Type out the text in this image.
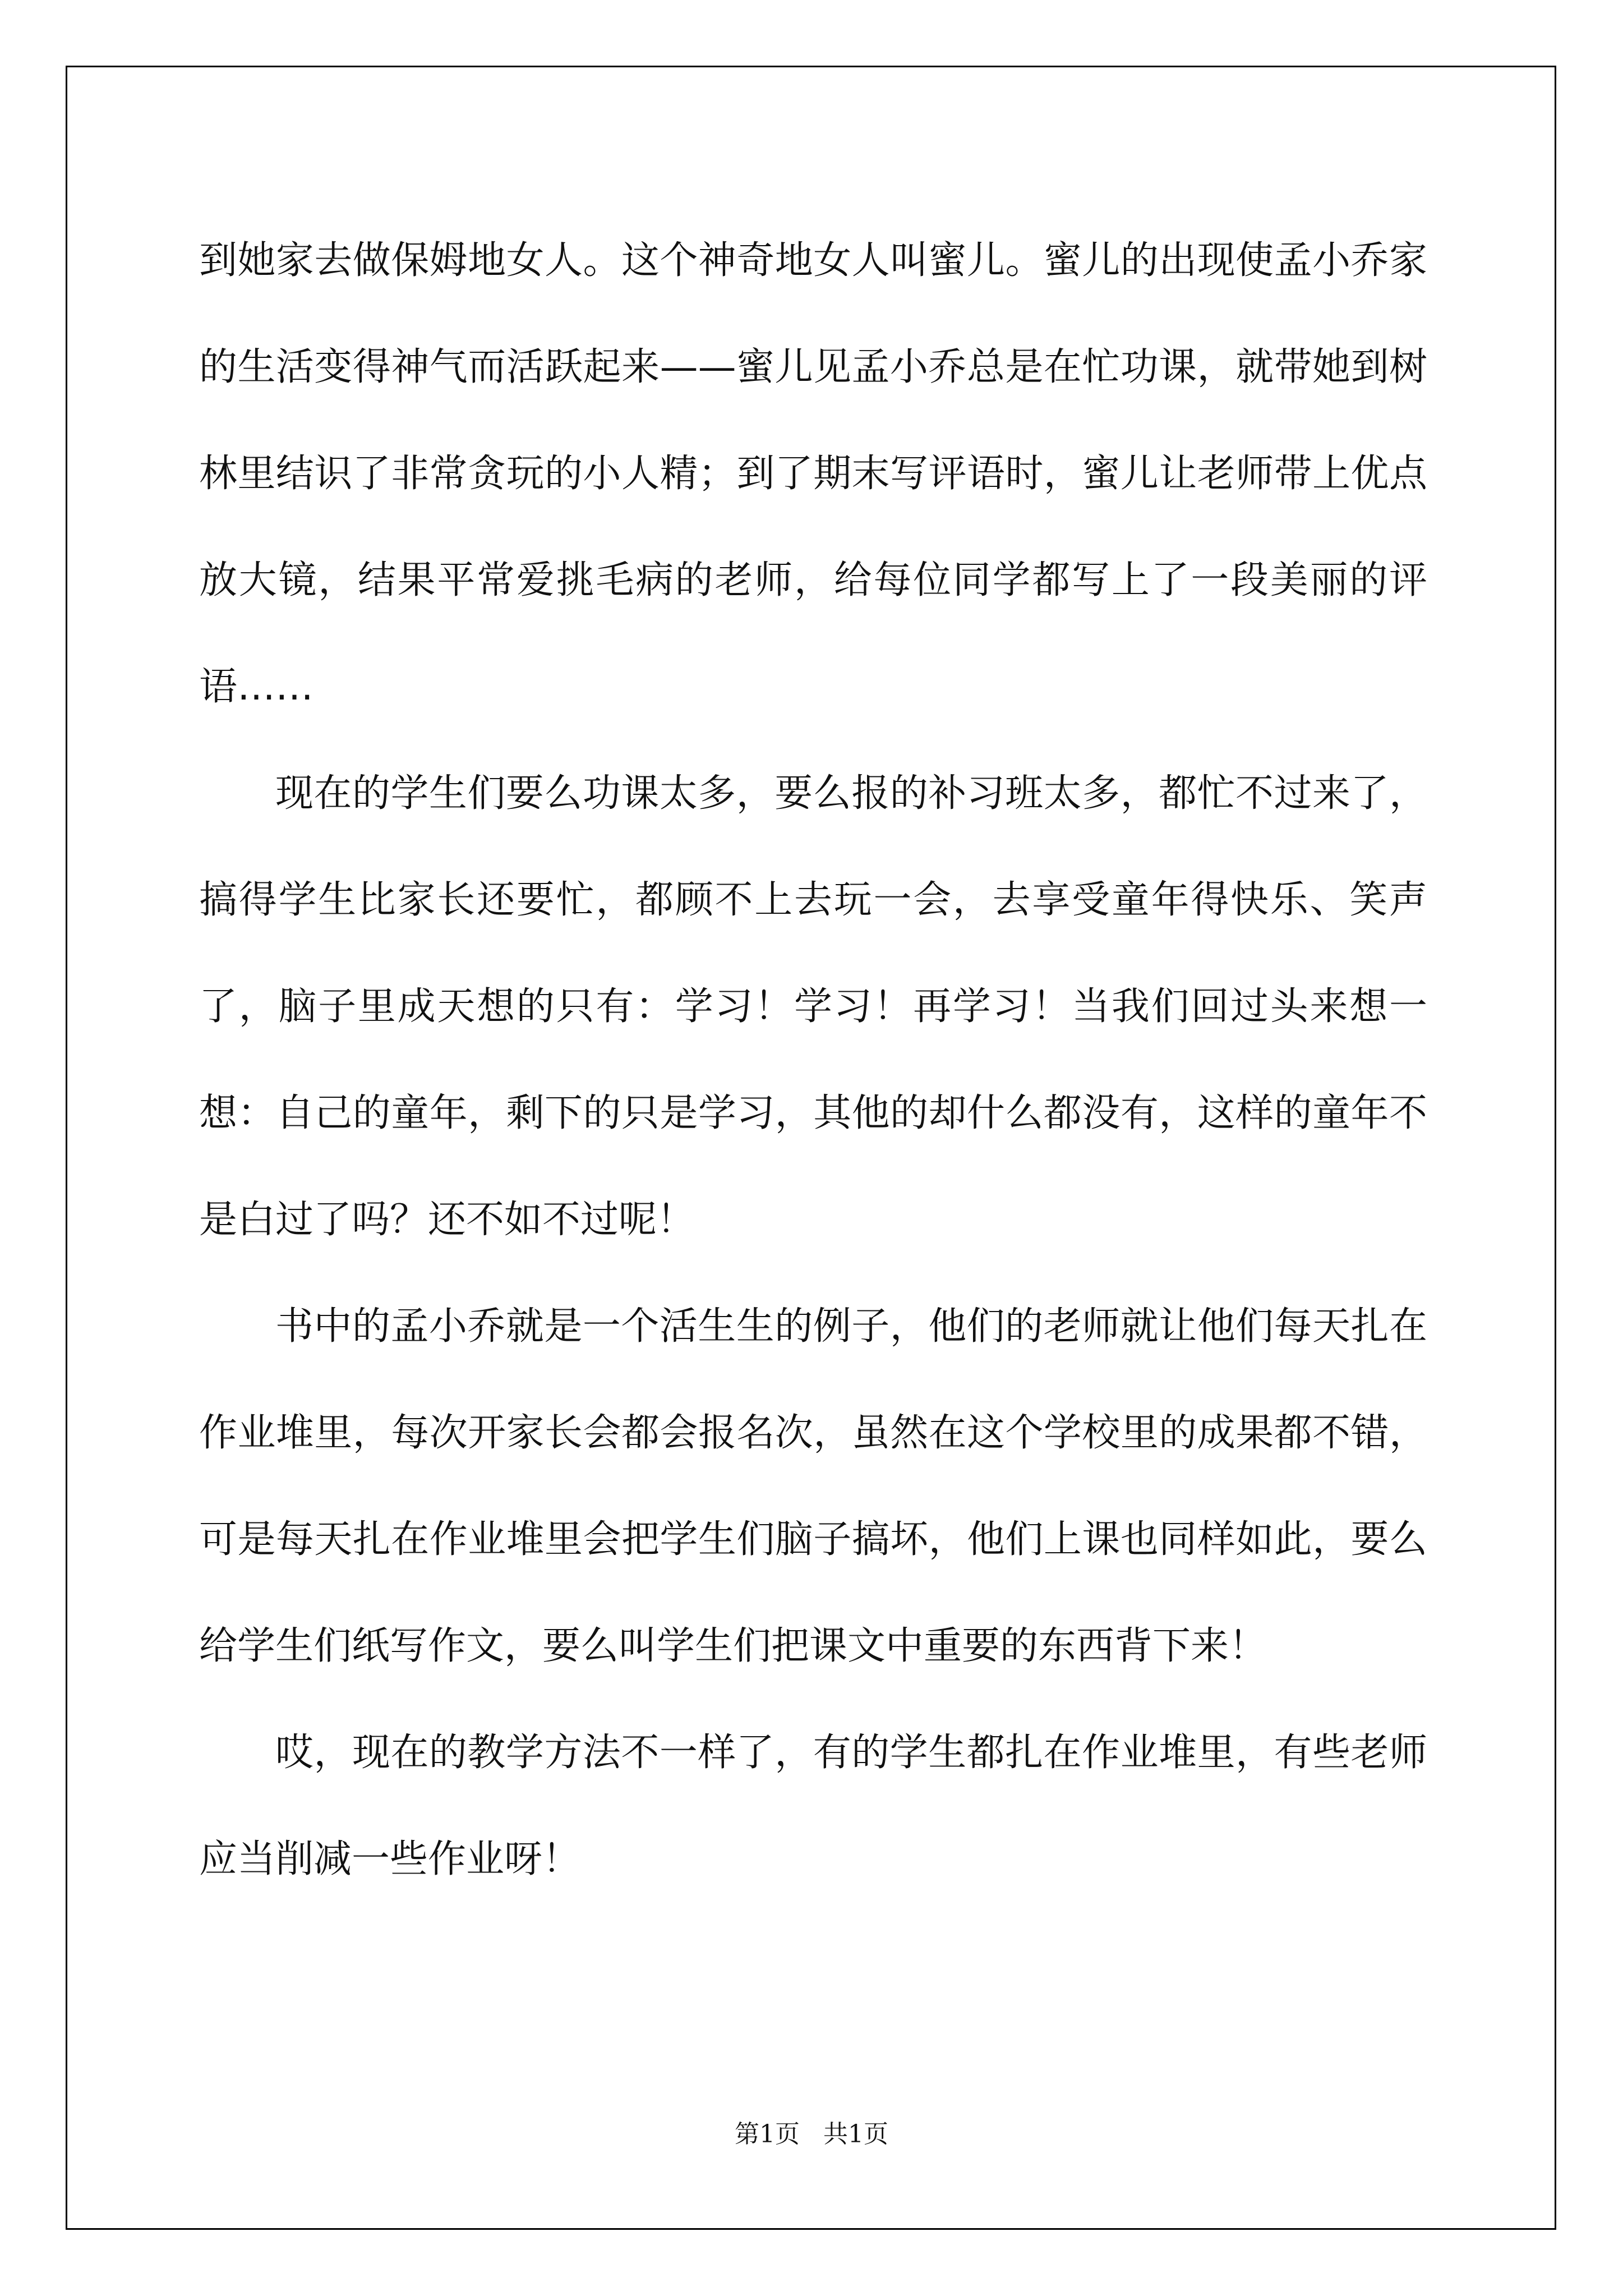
到她家去做保姆地女人。这个神奇地女人叫蜜儿。蜜儿的出现使孟小乔家的生活变得神气而活跃起来——蜜儿见孟小乔总是在忙功课，就带她到树林里结识了非常贪玩的小人精；到了期末写评语时，蜜儿让老师带上优点放大镜，结果平常爱挑毛病的老师，给每位同学都写上了一段美丽的评语……

现在的学生们要么功课太多，要么报的补习班太多，都忙不过来了，搞得学生比家长还要忙，都顾不上去玩一会，去享受童年得快乐、笑声了，脑子里成天想的只有：学习！学习！再学习！当我们回过头来想一想：自己的童年，剩下的只是学习，其他的却什么都没有，这样的童年不是白过了吗？还不如不过呢！

书中的孟小乔就是一个活生生的例子，他们的老师就让他们每天扎在作业堆里，每次开家长会都会报名次，虽然在这个学校里的成果都不错，可是每天扎在作业堆里会把学生们脑子搞坏，他们上课也同样如此，要么给学生们纸写作文，要么叫学生们把课文中重要的东西背下来！

哎，现在的教学方法不一样了，有的学生都扎在作业堆里，有些老师应当削减一些作业呀！

第1页   共1页
